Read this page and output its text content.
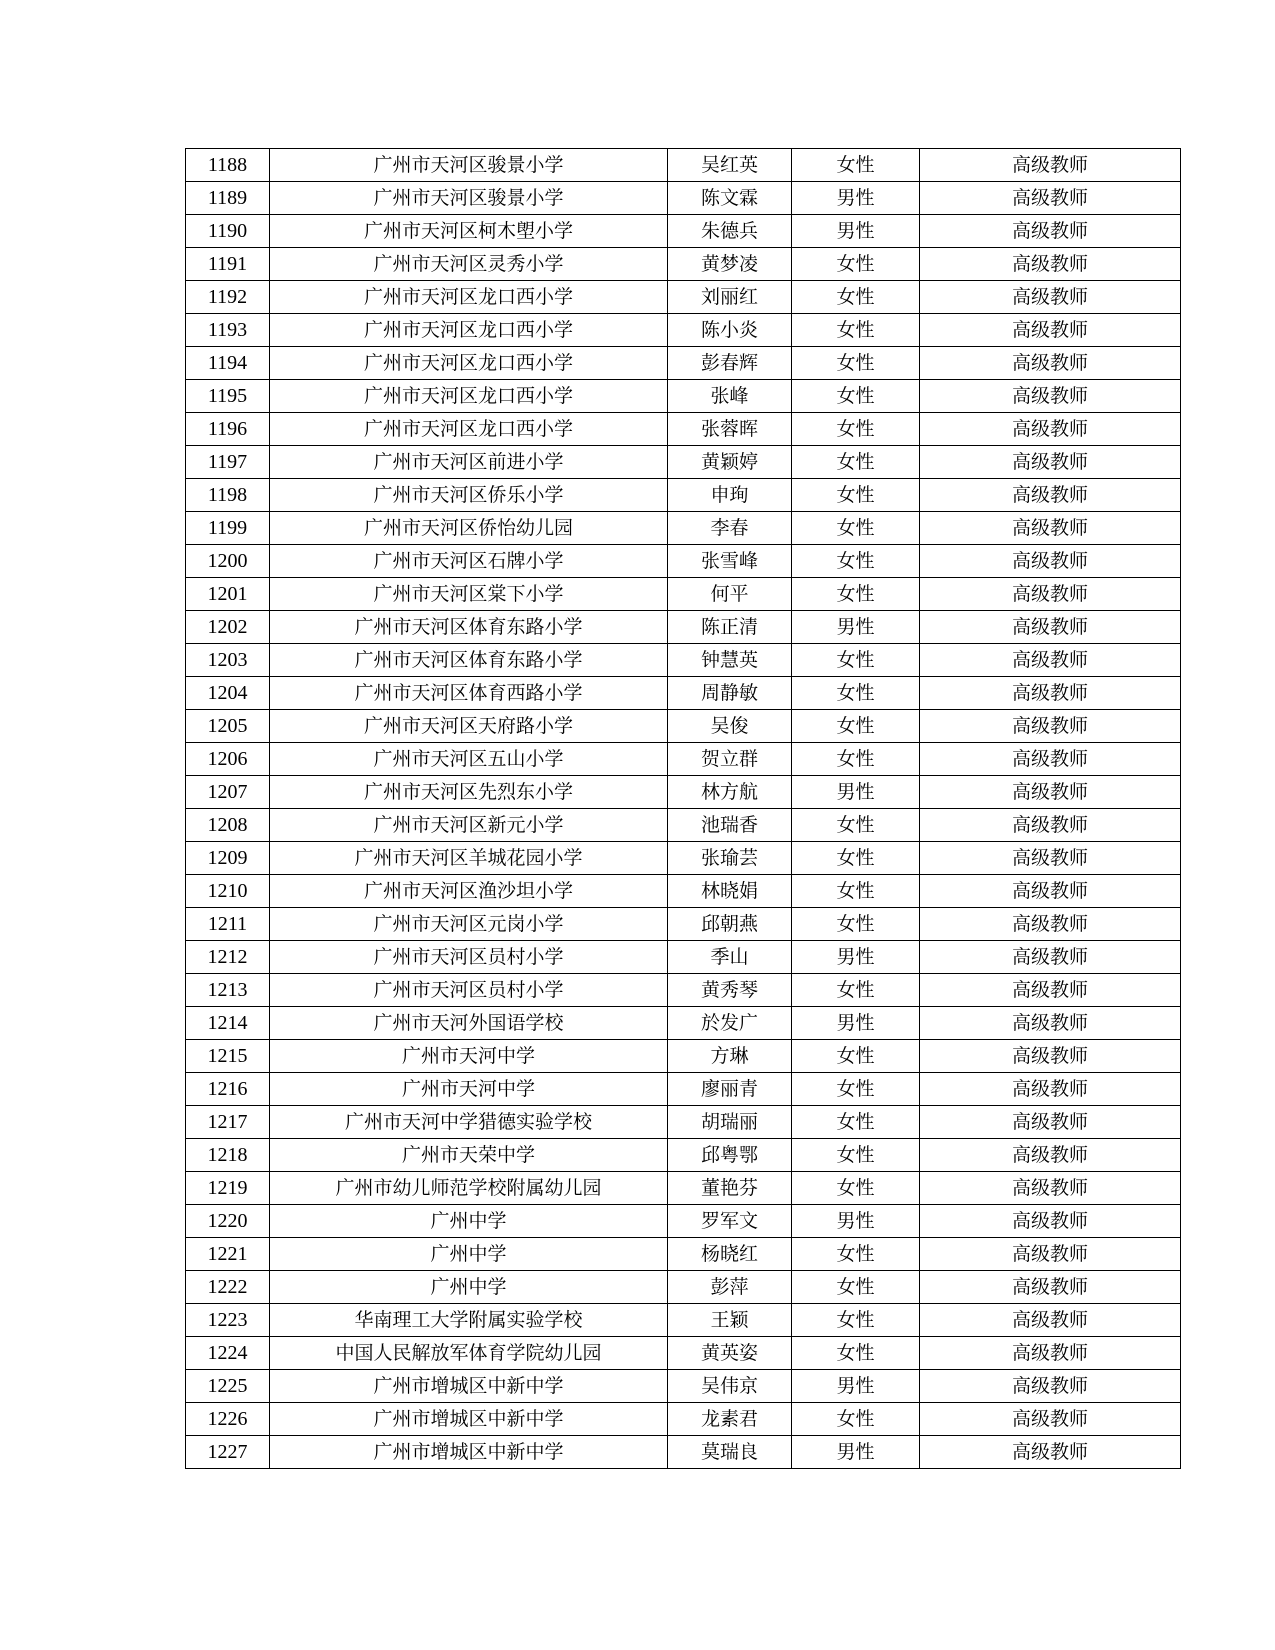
1188	广州市天河区骏景小学	吴红英	女性	高级教师
1189	广州市天河区骏景小学	陈文霖	男性	高级教师
1190	广州市天河区柯木塱小学	朱德兵	男性	高级教师
1191	广州市天河区灵秀小学	黄梦凌	女性	高级教师
1192	广州市天河区龙口西小学	刘丽红	女性	高级教师
1193	广州市天河区龙口西小学	陈小炎	女性	高级教师
1194	广州市天河区龙口西小学	彭春辉	女性	高级教师
1195	广州市天河区龙口西小学	张峰	女性	高级教师
1196	广州市天河区龙口西小学	张蓉晖	女性	高级教师
1197	广州市天河区前进小学	黄颖婷	女性	高级教师
1198	广州市天河区侨乐小学	申珣	女性	高级教师
1199	广州市天河区侨怡幼儿园	李春	女性	高级教师
1200	广州市天河区石牌小学	张雪峰	女性	高级教师
1201	广州市天河区棠下小学	何平	女性	高级教师
1202	广州市天河区体育东路小学	陈正清	男性	高级教师
1203	广州市天河区体育东路小学	钟慧英	女性	高级教师
1204	广州市天河区体育西路小学	周静敏	女性	高级教师
1205	广州市天河区天府路小学	吴俊	女性	高级教师
1206	广州市天河区五山小学	贺立群	女性	高级教师
1207	广州市天河区先烈东小学	林方航	男性	高级教师
1208	广州市天河区新元小学	池瑞香	女性	高级教师
1209	广州市天河区羊城花园小学	张瑜芸	女性	高级教师
1210	广州市天河区渔沙坦小学	林晓娟	女性	高级教师
1211	广州市天河区元岗小学	邱朝燕	女性	高级教师
1212	广州市天河区员村小学	季山	男性	高级教师
1213	广州市天河区员村小学	黄秀琴	女性	高级教师
1214	广州市天河外国语学校	於发广	男性	高级教师
1215	广州市天河中学	方琳	女性	高级教师
1216	广州市天河中学	廖丽青	女性	高级教师
1217	广州市天河中学猎德实验学校	胡瑞丽	女性	高级教师
1218	广州市天荣中学	邱粤鄂	女性	高级教师
1219	广州市幼儿师范学校附属幼儿园	董艳芬	女性	高级教师
1220	广州中学	罗军文	男性	高级教师
1221	广州中学	杨晓红	女性	高级教师
1222	广州中学	彭萍	女性	高级教师
1223	华南理工大学附属实验学校	王颖	女性	高级教师
1224	中国人民解放军体育学院幼儿园	黄英姿	女性	高级教师
1225	广州市增城区中新中学	吴伟京	男性	高级教师
1226	广州市增城区中新中学	龙素君	女性	高级教师
1227	广州市增城区中新中学	莫瑞良	男性	高级教师
